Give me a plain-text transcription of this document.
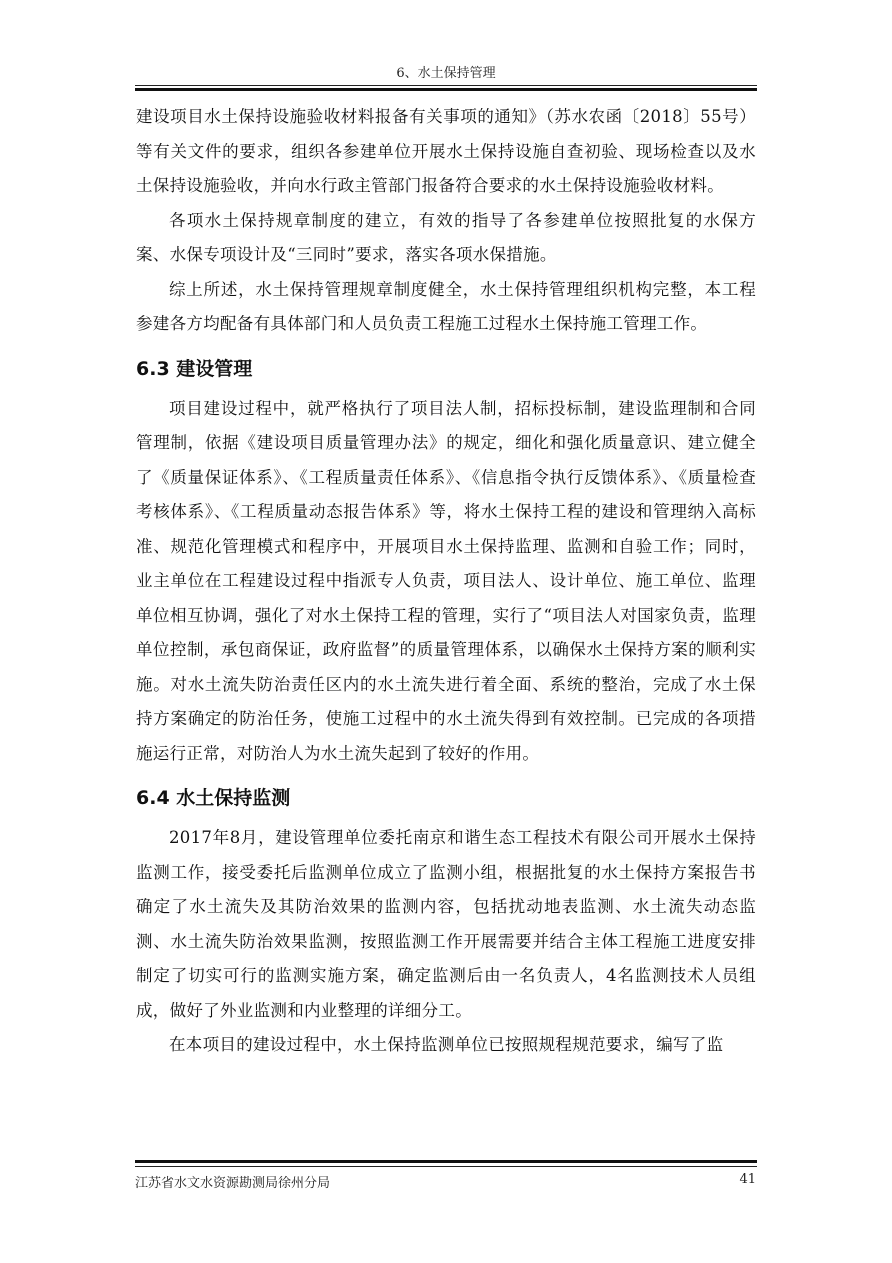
6、水土保持管理

建设项目水土保持设施验收材料报备有关事项的通知》（苏水农函〔2018〕55号）等有关文件的要求，组织各参建单位开展水土保持设施自查初验、现场检查以及水土保持设施验收，并向水行政主管部门报备符合要求的水土保持设施验收材料。

各项水土保持规章制度的建立，有效的指导了各参建单位按照批复的水保方案、水保专项设计及“三同时”要求，落实各项水保措施。

综上所述，水土保持管理规章制度健全，水土保持管理组织机构完整，本工程参建各方均配备有具体部门和人员负责工程施工过程水土保持施工管理工作。

6.3 建设管理

项目建设过程中，就严格执行了项目法人制，招标投标制，建设监理制和合同管理制，依据《建设项目质量管理办法》的规定，细化和强化质量意识、建立健全了《质量保证体系》、《工程质量责任体系》、《信息指令执行反馈体系》、《质量检查考核体系》、《工程质量动态报告体系》等，将水土保持工程的建设和管理纳入高标准、规范化管理模式和程序中，开展项目水土保持监理、监测和自验工作；同时，业主单位在工程建设过程中指派专人负责，项目法人、设计单位、施工单位、监理单位相互协调，强化了对水土保持工程的管理，实行了“项目法人对国家负责，监理单位控制，承包商保证，政府监督”的质量管理体系，以确保水土保持方案的顺利实施。对水土流失防治责任区内的水土流失进行着全面、系统的整治，完成了水土保持方案确定的防治任务，使施工过程中的水土流失得到有效控制。已完成的各项措施运行正常，对防治人为水土流失起到了较好的作用。

6.4 水土保持监测

2017年8月，建设管理单位委托南京和谐生态工程技术有限公司开展水土保持监测工作，接受委托后监测单位成立了监测小组，根据批复的水土保持方案报告书确定了水土流失及其防治效果的监测内容，包括扰动地表监测、水土流失动态监测、水土流失防治效果监测，按照监测工作开展需要并结合主体工程施工进度安排制定了切实可行的监测实施方案，确定监测后由一名负责人，4名监测技术人员组成，做好了外业监测和内业整理的详细分工。

在本项目的建设过程中，水土保持监测单位已按照规程规范要求，编写了监

江苏省水文水资源勘测局徐州分局	41
